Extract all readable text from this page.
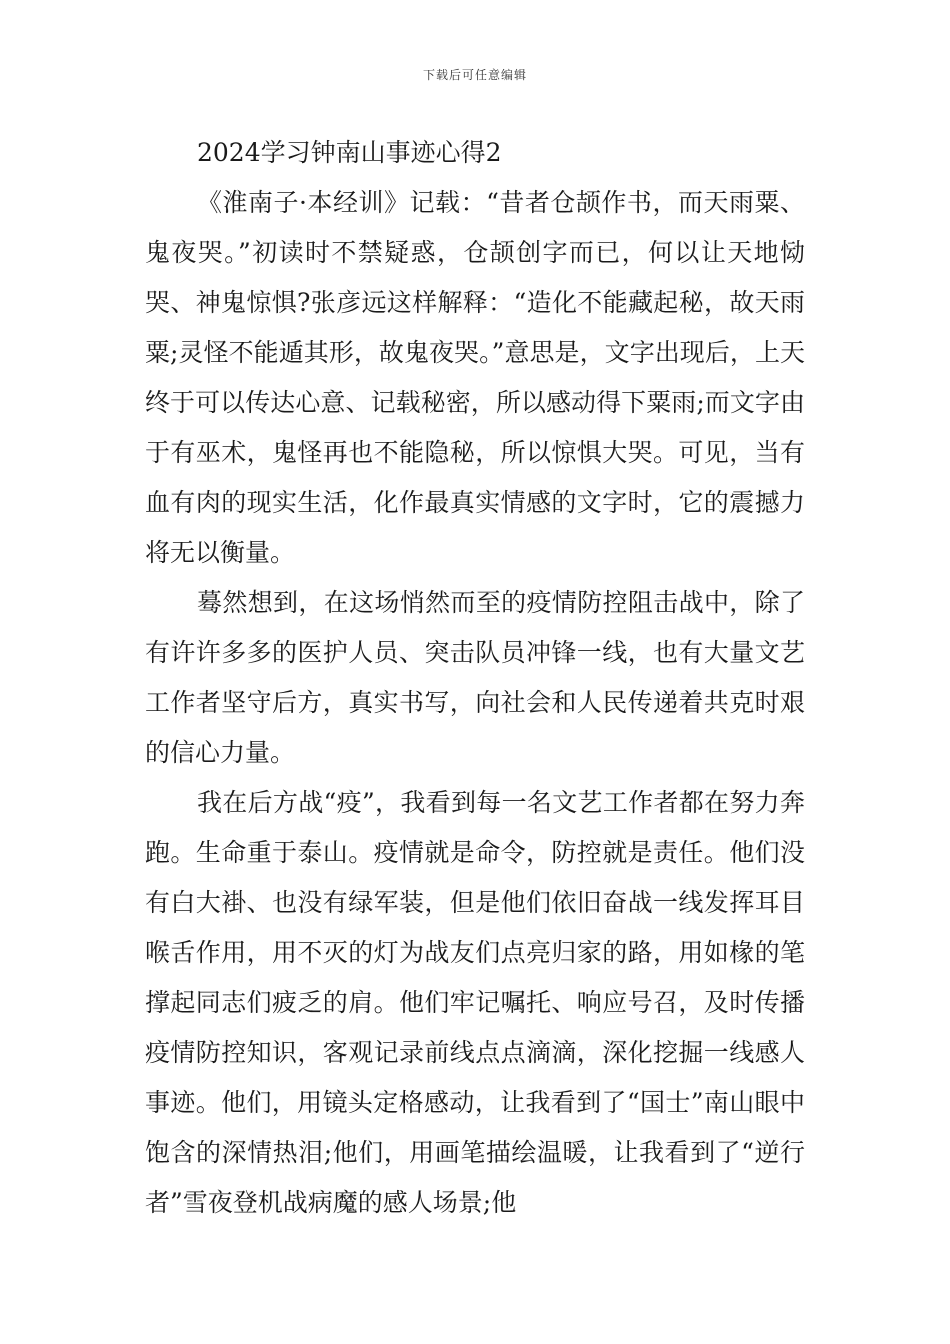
下载后可任意编辑

2024学习钟南山事迹心得2

《淮南子·本经训》记载：“昔者仓颉作书，而天雨粟、鬼夜哭。”初读时不禁疑惑，仓颉创字而已，何以让天地恸哭、神鬼惊惧?张彦远这样解释：“造化不能藏起秘，故天雨粟;灵怪不能遁其形，故鬼夜哭。”意思是，文字出现后，上天终于可以传达心意、记载秘密，所以感动得下粟雨;而文字由于有巫术，鬼怪再也不能隐秘，所以惊惧大哭。可见，当有血有肉的现实生活，化作最真实情感的文字时，它的震撼力将无以衡量。

蓦然想到，在这场悄然而至的疫情防控阻击战中，除了有许许多多的医护人员、突击队员冲锋一线，也有大量文艺工作者坚守后方，真实书写，向社会和人民传递着共克时艰的信心力量。

我在后方战“疫”，我看到每一名文艺工作者都在努力奔跑。生命重于泰山。疫情就是命令，防控就是责任。他们没有白大褂、也没有绿军装，但是他们依旧奋战一线发挥耳目喉舌作用，用不灭的灯为战友们点亮归家的路，用如椽的笔撑起同志们疲乏的肩。他们牢记嘱托、响应号召，及时传播疫情防控知识，客观记录前线点点滴滴，深化挖掘一线感人事迹。他们，用镜头定格感动，让我看到了“国士”南山眼中饱含的深情热泪;他们，用画笔描绘温暖，让我看到了“逆行者”雪夜登机战病魔的感人场景;他
